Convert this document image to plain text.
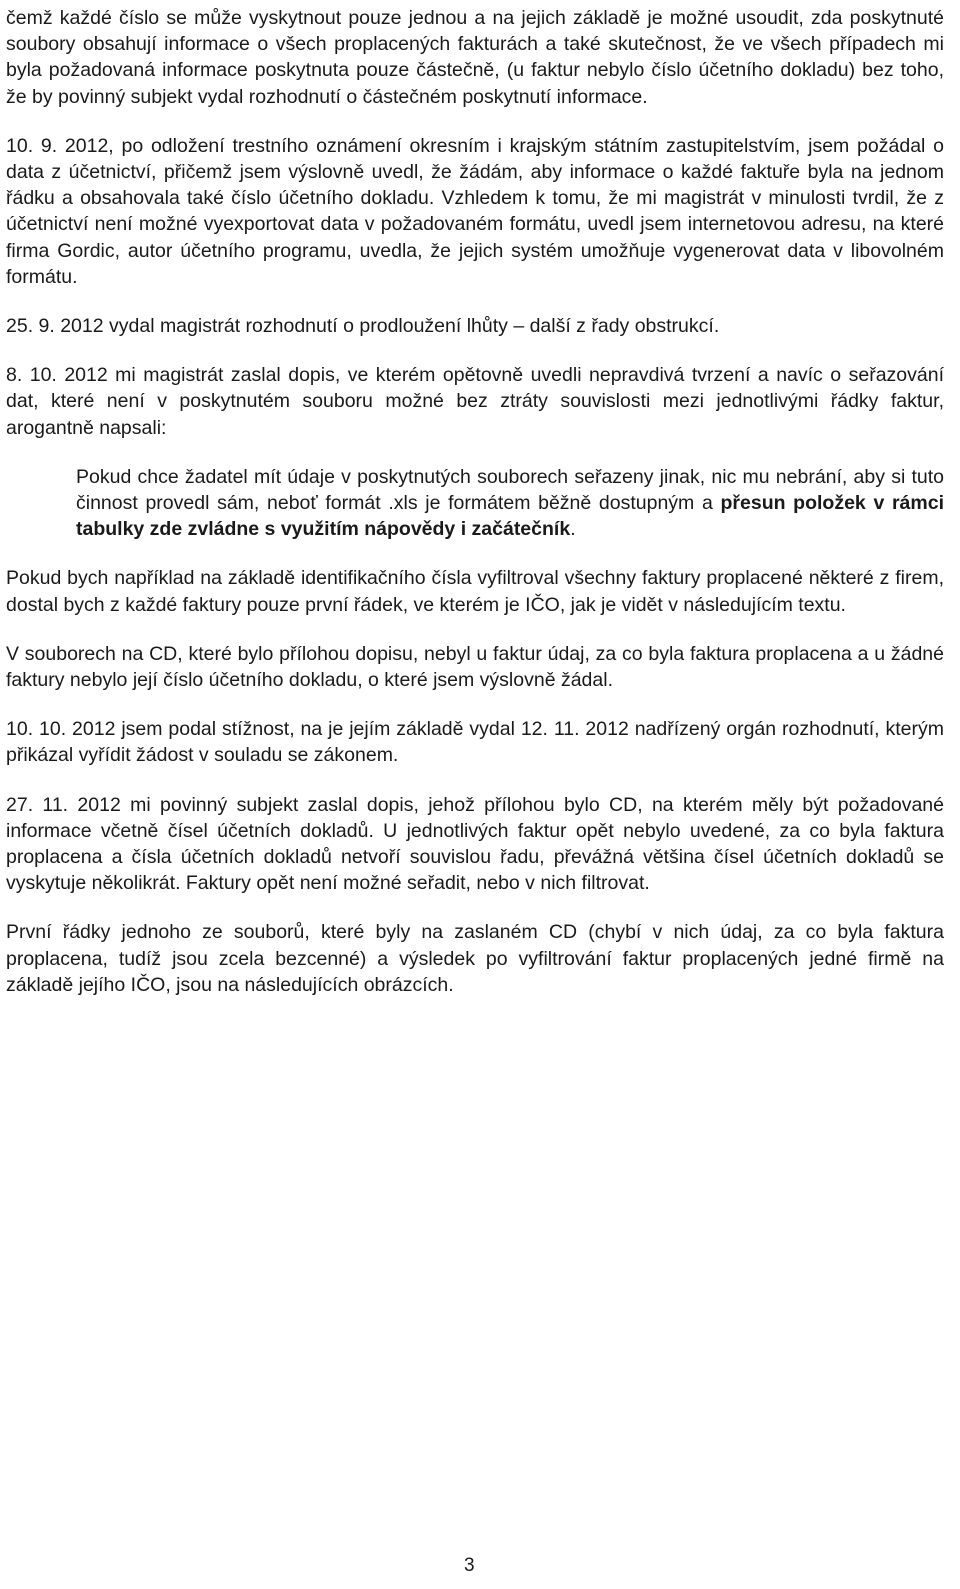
čemž každé číslo se může vyskytnout pouze jednou a na jejich základě je možné usoudit, zda poskytnuté soubory obsahují informace o všech proplacených fakturách a také skutečnost, že ve všech případech mi byla požadovaná informace poskytnuta pouze částečně, (u faktur nebylo číslo účetního dokladu) bez toho, že by povinný subjekt vydal rozhodnutí o částečném poskytnutí informace.

10. 9. 2012, po odložení trestního oznámení okresním i krajským státním zastupitelstvím, jsem požádal o data z účetnictví, přičemž jsem výslovně uvedl, že žádám, aby informace o každé faktuře byla na jednom řádku a obsahovala také číslo účetního dokladu. Vzhledem k tomu, že mi magistrát v minulosti tvrdil, že z účetnictví není možné vyexportovat data v požadovaném formátu, uvedl jsem internetovou adresu, na které firma Gordic, autor účetního programu, uvedla, že jejich systém umožňuje vygenerovat data v libovolném formátu.

25. 9. 2012 vydal magistrát rozhodnutí o prodloužení lhůty – další z řady obstrukcí.

8. 10. 2012 mi magistrát zaslal dopis, ve kterém opětovně uvedli nepravdivá tvrzení a navíc o seřazování dat, které není v poskytnutém souboru možné bez ztráty souvislosti mezi jednotlivými řádky faktur, arogantně napsali:

Pokud chce žadatel mít údaje v poskytnutých souborech seřazeny jinak, nic mu nebrání, aby si tuto činnost provedl sám, neboť formát .xls je formátem běžně dostupným a přesun položek v rámci tabulky zde zvládne s využitím nápovědy i začátečník.

Pokud bych například na základě identifikačního čísla vyfiltroval všechny faktury proplacené některé z firem, dostal bych z každé faktury pouze první řádek, ve kterém je IČO, jak je vidět v následujícím textu.

V souborech na CD, které bylo přílohou dopisu, nebyl u faktur údaj, za co byla faktura proplacena a u žádné faktury nebylo její číslo účetního dokladu, o které jsem výslovně žádal.

10. 10. 2012 jsem podal stížnost, na je jejím základě vydal 12. 11. 2012 nadřízený orgán rozhodnutí, kterým přikázal vyřídit žádost v souladu se zákonem.

27. 11. 2012 mi povinný subjekt zaslal dopis, jehož přílohou bylo CD, na kterém měly být požadované informace včetně čísel účetních dokladů. U jednotlivých faktur opět nebylo uvedené, za co byla faktura proplacena a čísla účetních dokladů netvoří souvislou řadu, převážná většina čísel účetních dokladů se vyskytuje několikrát. Faktury opět není možné seřadit, nebo v nich filtrovat.

První řádky jednoho ze souborů, které byly na zaslaném CD (chybí v nich údaj, za co byla faktura proplacena, tudíž jsou zcela bezcenné) a výsledek po vyfiltrování faktur proplacených jedné firmě na základě jejího IČO, jsou na následujících obrázcích.

3
